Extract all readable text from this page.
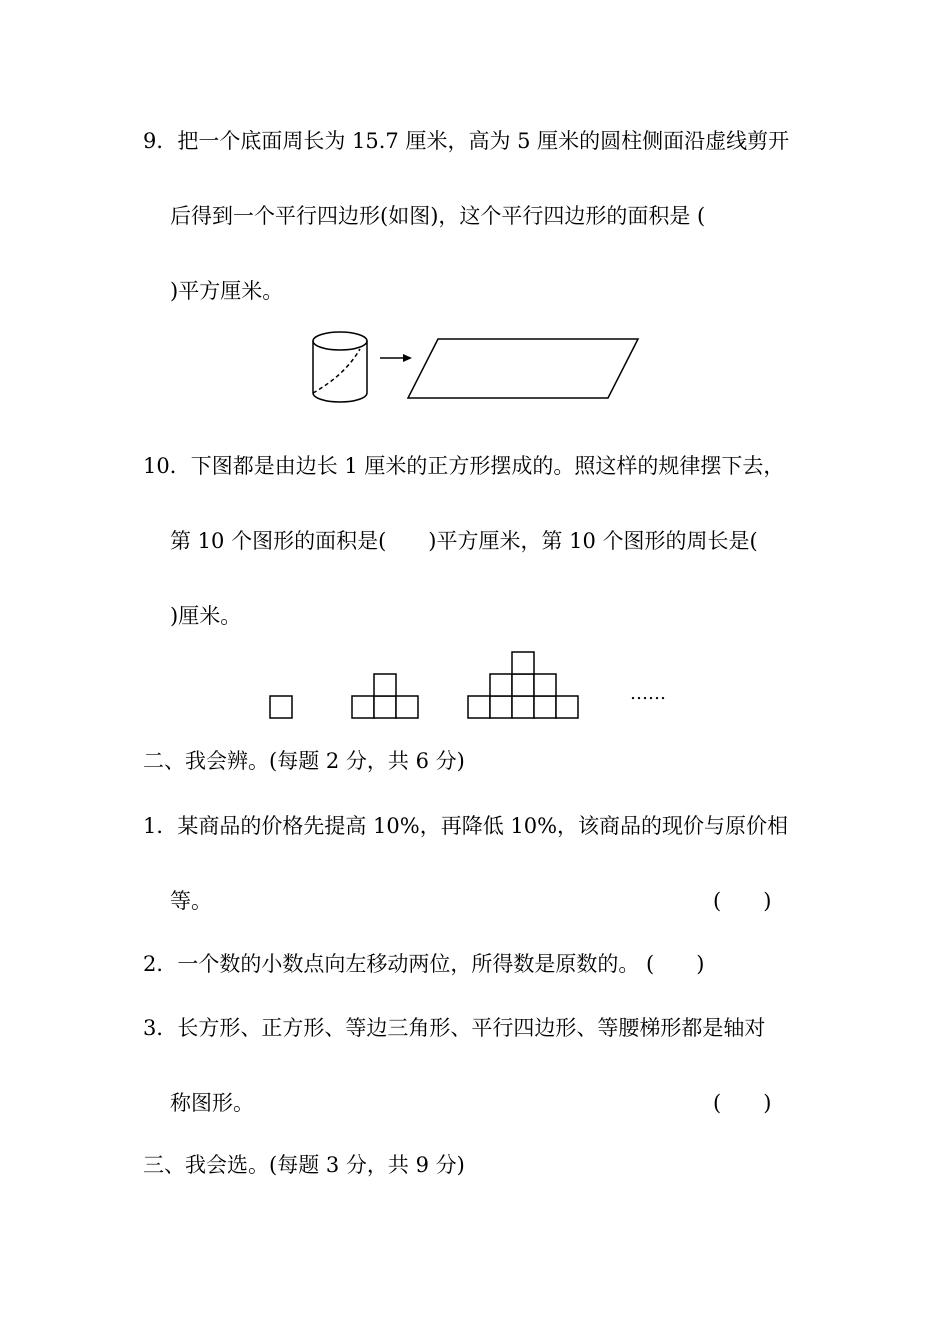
9．把一个底面周长为 15.7 厘米，高为 5 厘米的圆柱侧面沿虚线剪开
后得到一个平行四边形(如图)，这个平行四边形的面积是 (
)平方厘米。
10．下图都是由边长 1 厘米的正方形摆成的。照这样的规律摆下去，
第 10 个图形的面积是(　　)平方厘米，第 10 个图形的周长是(
)厘米。
……
二、我会辨。(每题 2 分，共 6 分)
1．某商品的价格先提高 10%，再降低 10%，该商品的现价与原价相
等。	(　　)
2．一个数的小数点向左移动两位，所得数是原数的。 (　　)
3．长方形、正方形、等边三角形、平行四边形、等腰梯形都是轴对
称图形。	(　　)
三、我会选。(每题 3 分，共 9 分)
